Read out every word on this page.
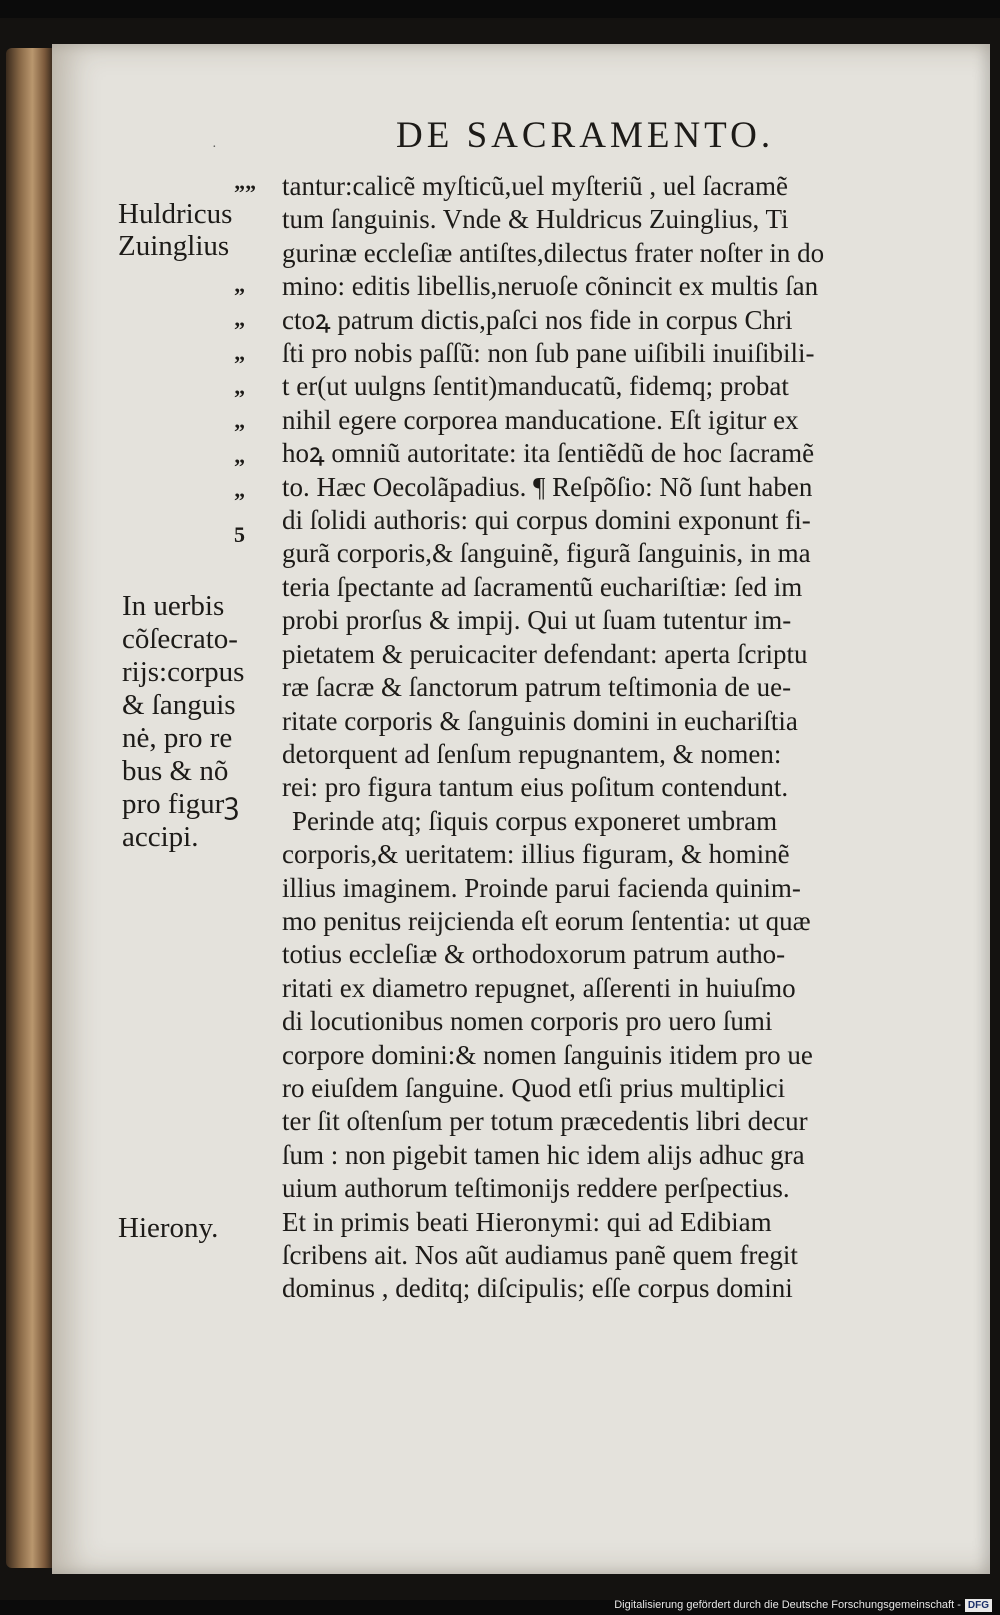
·	DE SACRAMENTO.
””
”
”
”
”
”
”
”
5
Huldricus
Zuinglius
In uerbis
cõſecrato-
rijs:corpus
& ſanguis
nė, pro re
bus & nõ
pro figurꝫ
accipi.
Hierony.
tantur:calicẽ myſticũ,uel myſteriũ , uel ſacramẽ
tum ſanguinis. Vnde & Huldricus Zuinglius, Ti
gurinæ eccleſiæ antiſtes,dilectus frater noſter in do
mino: editis libellis,neruoſe cõnincit ex multis ſan
ctoꝝ patrum dictis,paſci nos fide in corpus Chri
ſti pro nobis paſſũ: non ſub pane uiſibili inuiſibili-
t er(ut uulgns ſentit)manducatũ, fidemq; probat
nihil egere corporea manducatione. Eſt igitur ex
hoꝝ omniũ autoritate: ita ſentiẽdũ de hoc ſacramẽ
to. Hæc Oecolãpadius. ¶ Reſpõſio: Nõ ſunt haben
di ſolidi authoris: qui corpus domini exponunt fi-
gurã corporis,& ſanguinẽ, figurã ſanguinis, in ma
teria ſpectante ad ſacramentũ euchariſtiæ: ſed im
probi prorſus & impij. Qui ut ſuam tutentur im-
pietatem & peruicaciter defendant: aperta ſcriptu
ræ ſacræ & ſanctorum patrum teſtimonia de ue-
ritate corporis & ſanguinis domini in euchariſtia
detorquent ad ſenſum repugnantem, & nomen:
rei: pro figura tantum eius poſitum contendunt.
Perinde atq; ſiquis corpus exponeret umbram
corporis,& ueritatem: illius figuram, & hominẽ
illius imaginem. Proinde parui facienda quinim-
mo penitus reijcienda eſt eorum ſententia: ut quæ
totius eccleſiæ & orthodoxorum patrum autho-
ritati ex diametro repugnet, aſſerenti in huiuſmo
di locutionibus nomen corporis pro uero ſumi
corpore domini:& nomen ſanguinis itidem pro ue
ro eiuſdem ſanguine. Quod etſi prius multiplici
ter ſit oſtenſum per totum præcedentis libri decur
ſum : non pigebit tamen hic idem alijs adhuc gra
uium authorum teſtimonijs reddere perſpectius.
Et in primis beati Hieronymi: qui ad Edibiam
ſcribens ait. Nos aũt audiamus panẽ quem fregit
dominus , deditq; diſcipulis; eſſe corpus domini
Digitalisierung gefördert durch die Deutsche Forschungsgemeinschaft - DFG
